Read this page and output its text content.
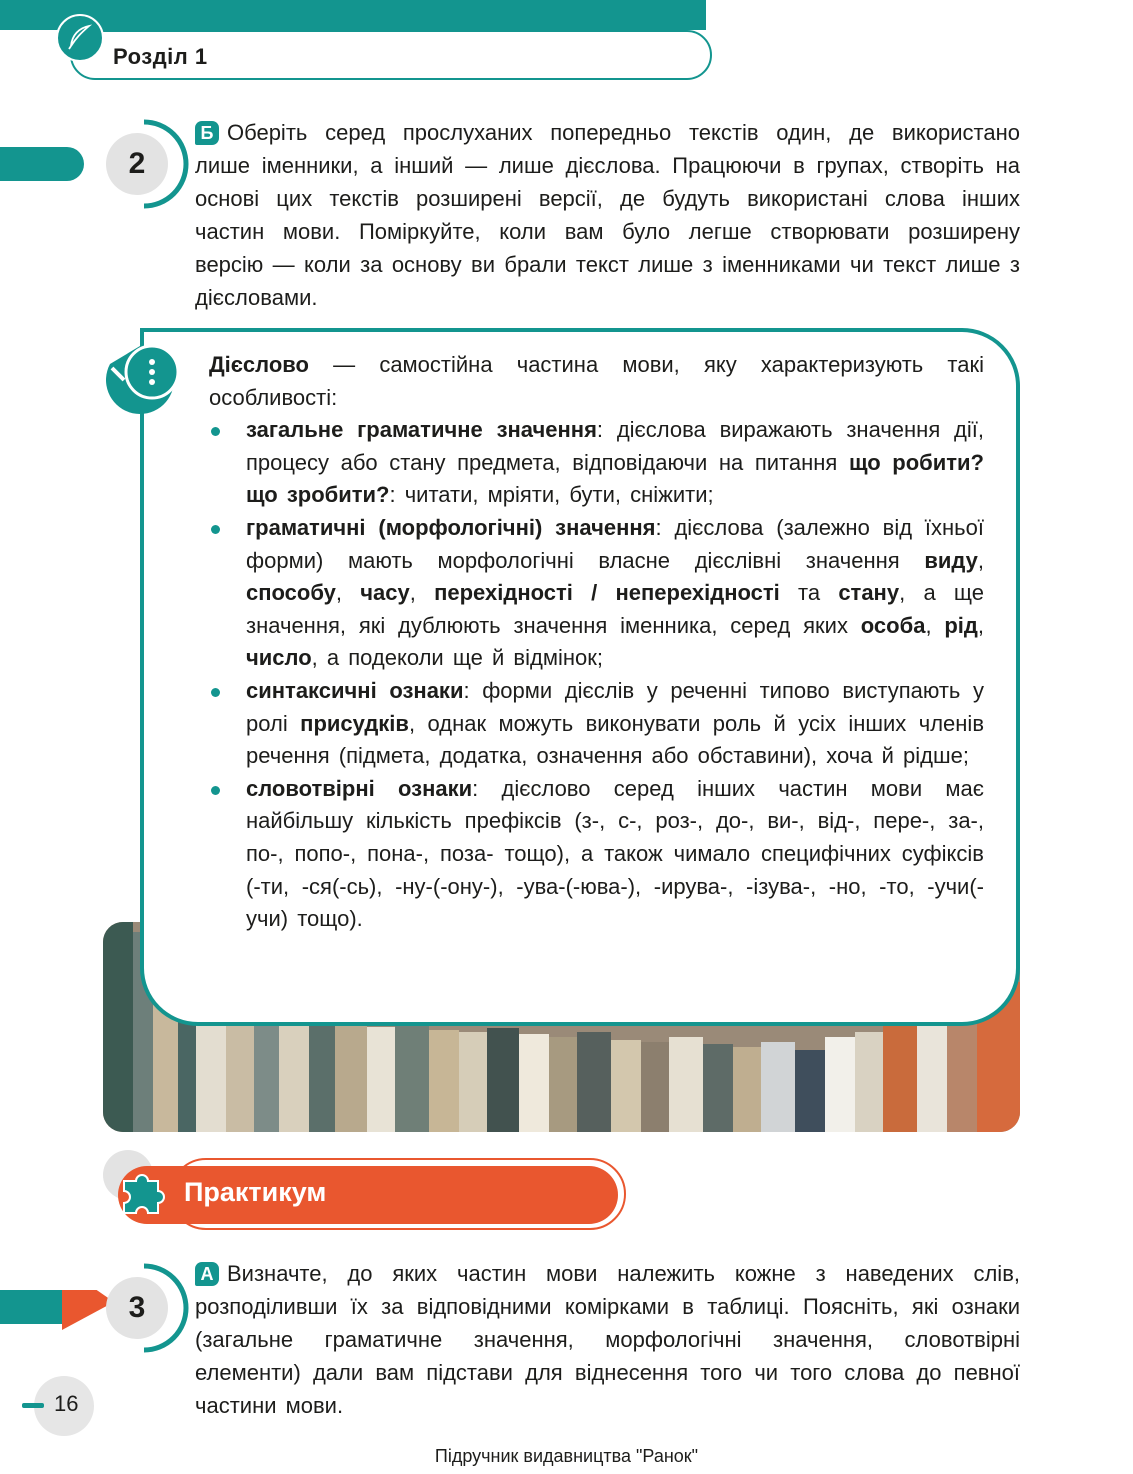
Розділ 1
2

Б Оберіть серед прослуханих попередньо текстів один, де використано лише іменники, а інший — лише дієслова. Працюючи в групах, створіть на основі цих текстів розширені версії, де будуть використані слова інших частин мови. Поміркуйте, коли вам було легше створювати розширену версію — коли за основу ви брали текст лише з іменниками чи текст лише з дієсловами.

Дієслово — самостійна частина мови, яку характеризують такі особливості:

загальне граматичне значення: дієслова виражають значення дії, процесу або стану предмета, відповідаючи на питання що робити? що зробити?: читати, мріяти, бути, сніжити;
граматичні (морфологічні) значення: дієслова (залежно від їхньої форми) мають морфологічні власне дієслівні значення виду, способу, часу, перехідності / неперехідності та стану, а ще значення, які дублюють значення іменника, серед яких особа, рід, число, а подеколи ще й відмінок;
синтаксичні ознаки: форми дієслів у реченні типово виступають у ролі присудків, однак можуть виконувати роль й усіх інших членів речення (підмета, додатка, означення або обставини), хоча й рідше;
словотвірні ознаки: дієслово серед інших частин мови має найбільшу кількість префіксів (з-, с-, роз-, до-, ви-, від-, пере-, за-, по-, попо-, пона-, поза- тощо), а також чимало специфічних суфіксів (-ти, -ся(-сь), -ну-(-ону-), -ува-(-юва-), -ирува-, -ізува-, -но, -то, -учи(-учи) тощо).
Практикум
3

А Визначте, до яких частин мови належить кожне з наведених слів, розподіливши їх за відповідними комірками в таблиці. Поясніть, які ознаки (загальне граматичне значення, морфологічні значення, словотвірні елементи) дали вам підстави для віднесення того чи того слова до певної частини мови.

16
Підручник видавництва "Ранок"
